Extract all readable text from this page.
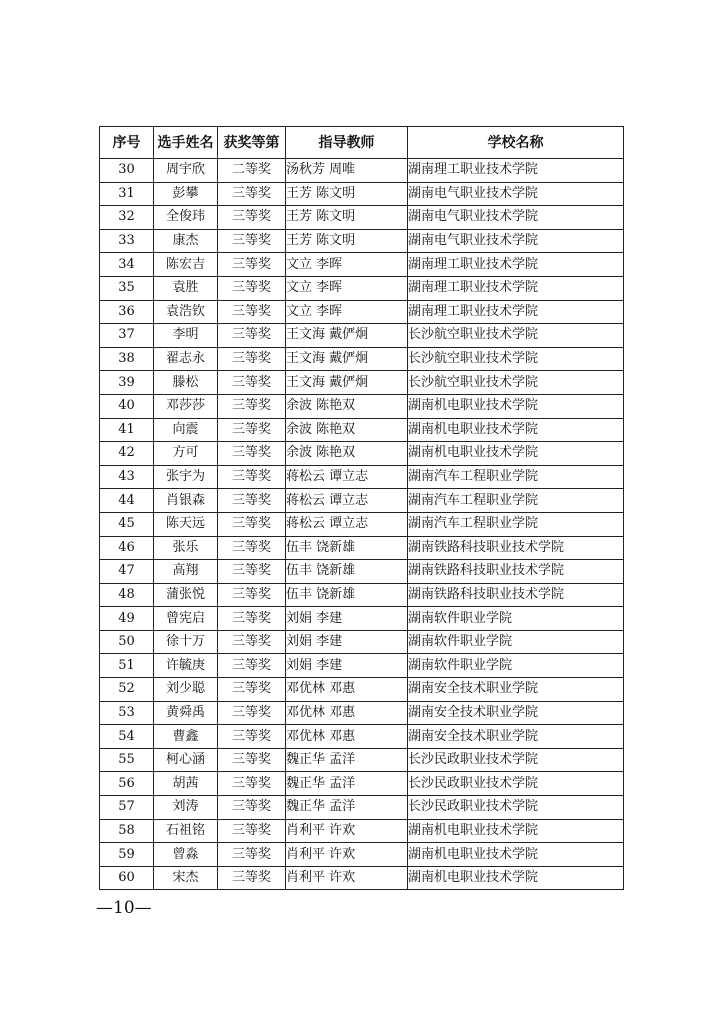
序号	选手姓名	获奖等第	指导教师	学校名称
30	周宇欣	二等奖	汤秋芳 周唯	湖南理工职业技术学院
31	彭攀	三等奖	王芳 陈文明	湖南电气职业技术学院
32	全俊玮	三等奖	王芳 陈文明	湖南电气职业技术学院
33	康杰	三等奖	王芳 陈文明	湖南电气职业技术学院
34	陈宏吉	三等奖	文立 李晖	湖南理工职业技术学院
35	袁胜	三等奖	文立 李晖	湖南理工职业技术学院
36	袁浩钦	三等奖	文立 李晖	湖南理工职业技术学院
37	李明	三等奖	王文海 戴俨炯	长沙航空职业技术学院
38	翟志永	三等奖	王文海 戴俨炯	长沙航空职业技术学院
39	滕松	三等奖	王文海 戴俨炯	长沙航空职业技术学院
40	邓莎莎	三等奖	余波 陈艳双	湖南机电职业技术学院
41	向震	三等奖	余波 陈艳双	湖南机电职业技术学院
42	方可	三等奖	余波 陈艳双	湖南机电职业技术学院
43	张宇为	三等奖	蒋松云 谭立志	湖南汽车工程职业学院
44	肖银森	三等奖	蒋松云 谭立志	湖南汽车工程职业学院
45	陈天远	三等奖	蒋松云 谭立志	湖南汽车工程职业学院
46	张乐	三等奖	伍丰 饶新雄	湖南铁路科技职业技术学院
47	高翔	三等奖	伍丰 饶新雄	湖南铁路科技职业技术学院
48	蒲张悦	三等奖	伍丰 饶新雄	湖南铁路科技职业技术学院
49	曾宪启	三等奖	刘娟 李建	湖南软件职业学院
50	徐十万	三等奖	刘娟 李建	湖南软件职业学院
51	许毓庚	三等奖	刘娟 李建	湖南软件职业学院
52	刘少聪	三等奖	邓优林 邓惠	湖南安全技术职业学院
53	黄舜禹	三等奖	邓优林 邓惠	湖南安全技术职业学院
54	曹鑫	三等奖	邓优林 邓惠	湖南安全技术职业学院
55	柯心涵	三等奖	魏正华 孟洋	长沙民政职业技术学院
56	胡茜	三等奖	魏正华 孟洋	长沙民政职业技术学院
57	刘涛	三等奖	魏正华 孟洋	长沙民政职业技术学院
58	石祖铭	三等奖	肖利平 许欢	湖南机电职业技术学院
59	曾淼	三等奖	肖利平 许欢	湖南机电职业技术学院
60	宋杰	三等奖	肖利平 许欢	湖南机电职业技术学院
—10—
